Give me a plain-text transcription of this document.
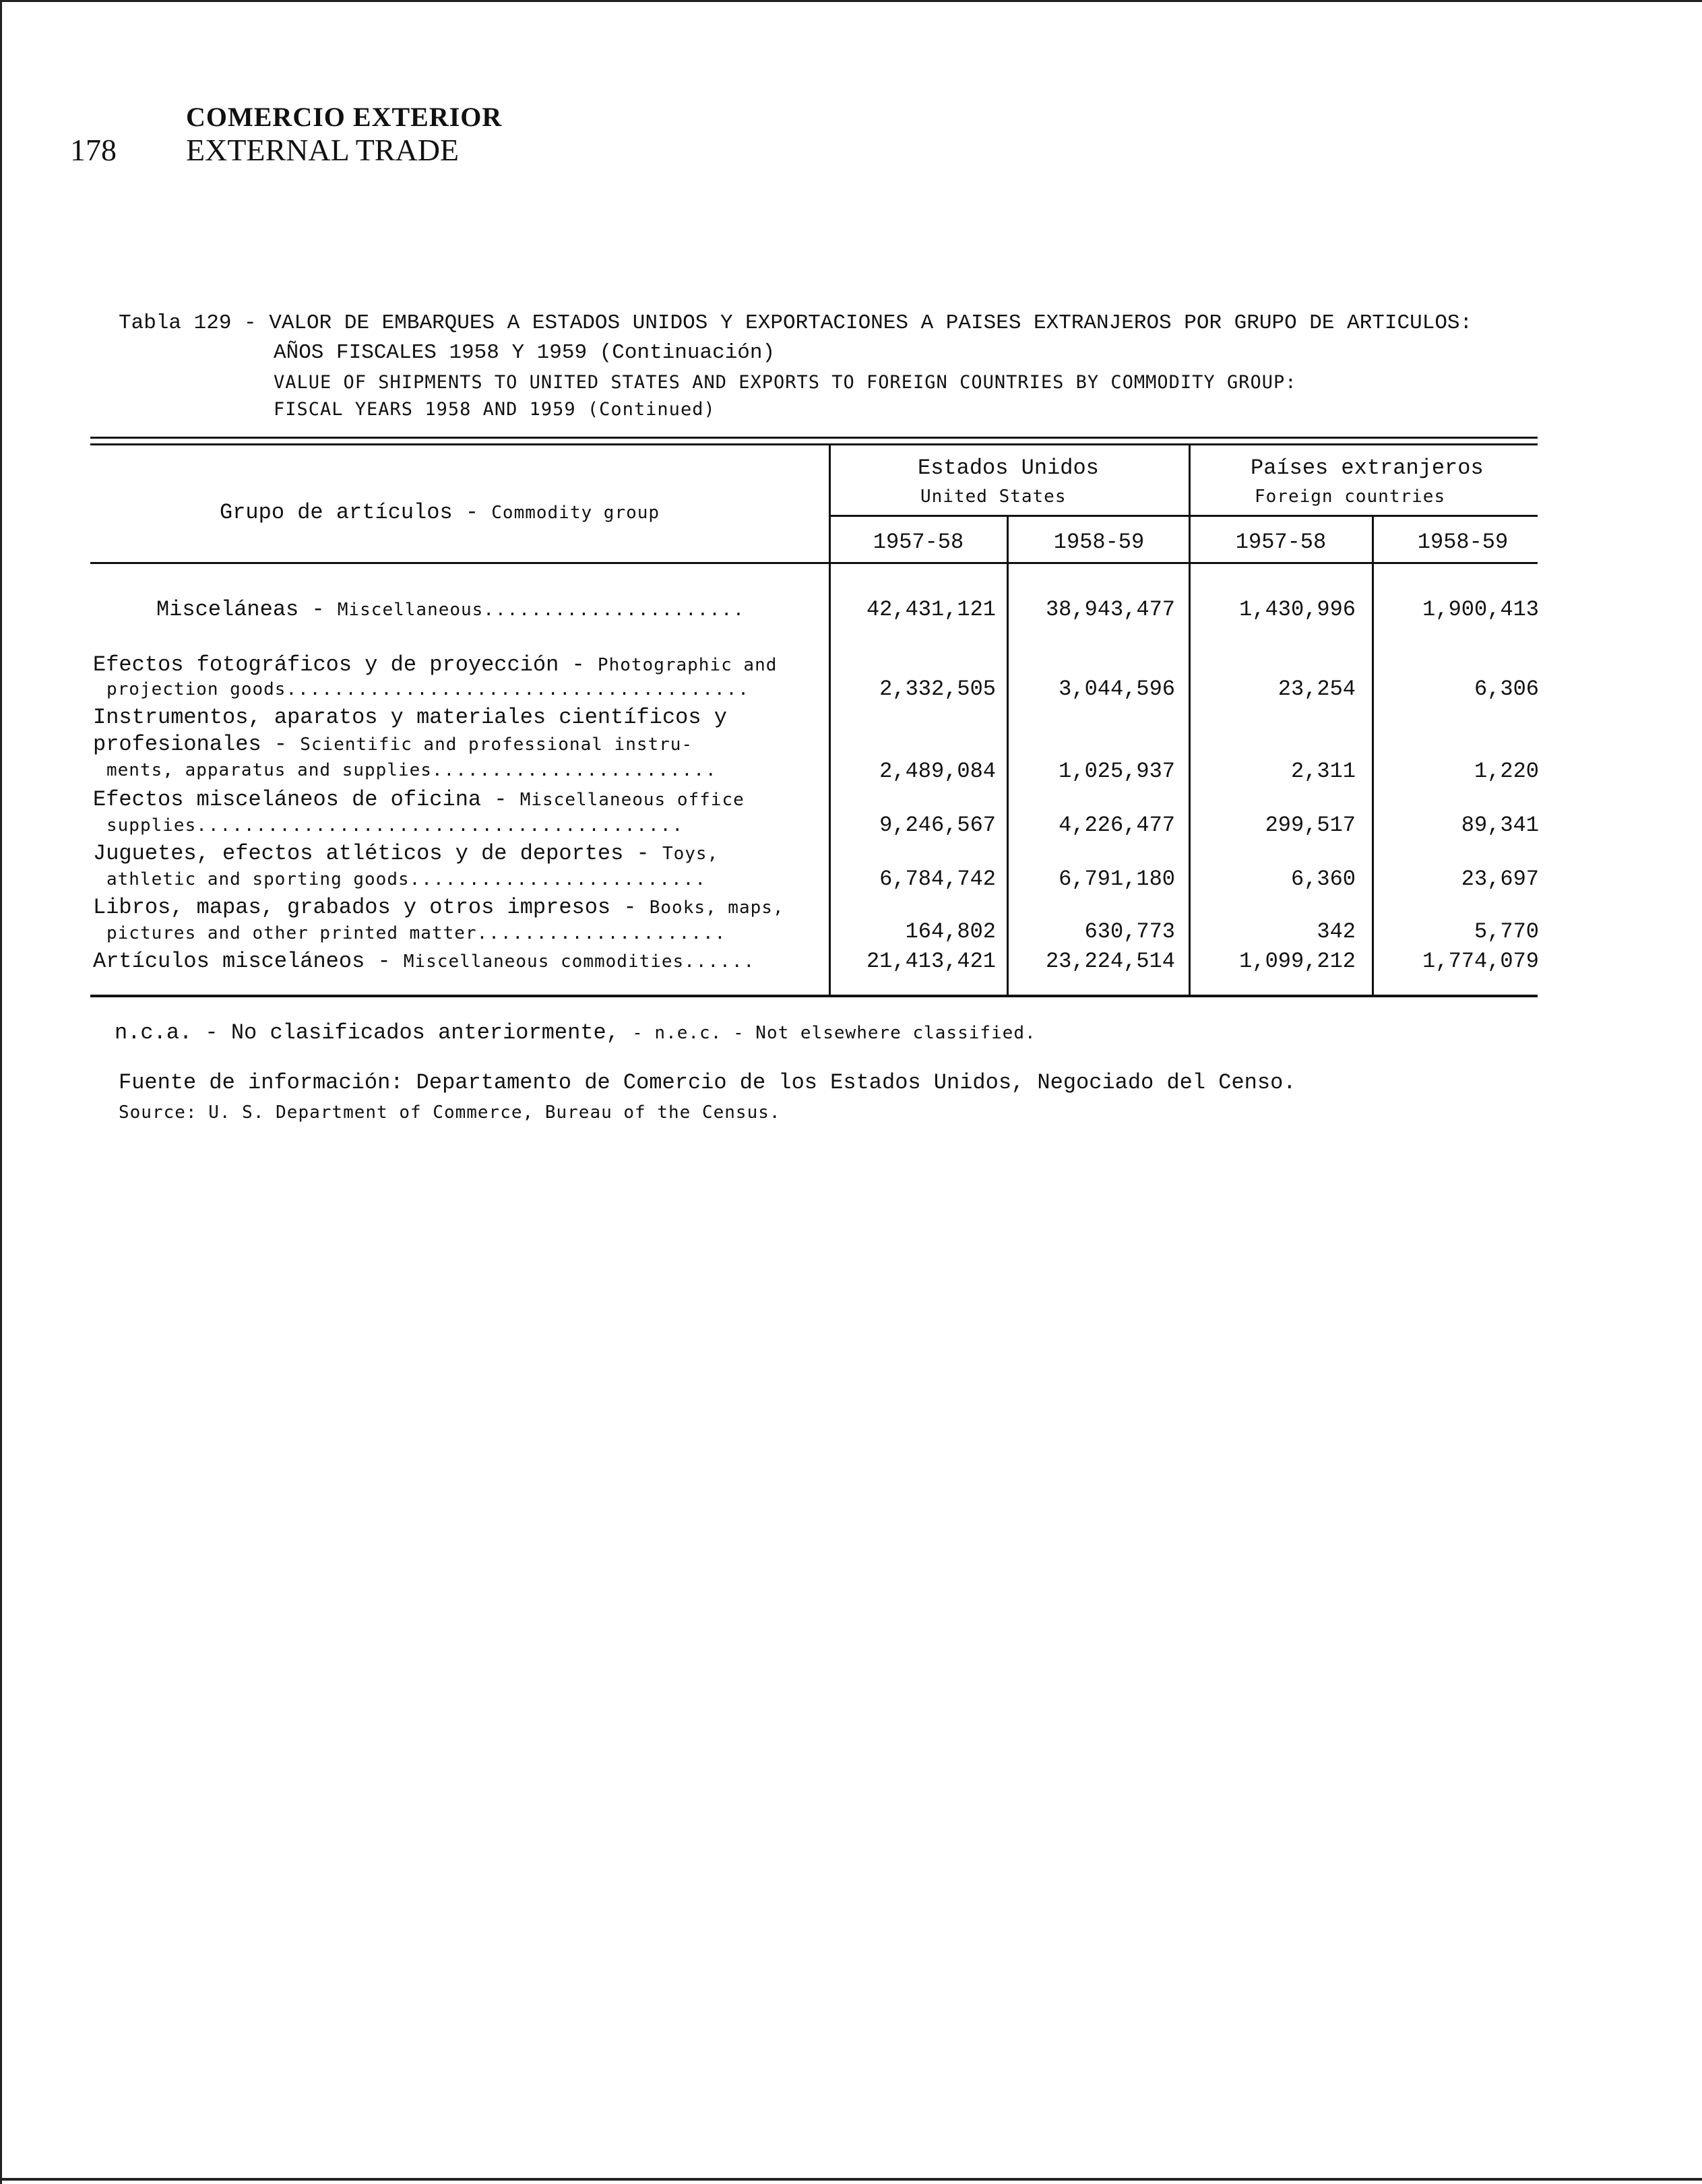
COMERCIO EXTERIOR
178 EXTERNAL TRADE
Tabla 129 - VALOR DE EMBARQUES A ESTADOS UNIDOS Y EXPORTACIONES A PAISES EXTRANJEROS POR GRUPO DE ARTICULOS:
AÑOS FISCALES 1958 Y 1959 (Continuación)
VALUE OF SHIPMENTS TO UNITED STATES AND EXPORTS TO FOREIGN COUNTRIES BY COMMODITY GROUP:
FISCAL YEARS 1958 AND 1959 (Continued)
Grupo de artículos - Commodity group
Estados Unidos
United States
Países extranjeros
Foreign countries
1957-58	1958-59	1957-58	1958-59
Misceláneas - Miscellaneous......................	42,431,121	38,943,477	1,430,996	1,900,413
Efectos fotográficos y de proyección - Photographic and
projection goods.......................................	2,332,505	3,044,596	23,254	6,306
Instrumentos, aparatos y materiales científicos y
profesionales - Scientific and professional instru-
ments, apparatus and supplies........................	2,489,084	1,025,937	2,311	1,220
Efectos misceláneos de oficina - Miscellaneous office
supplies.........................................	9,246,567	4,226,477	299,517	89,341
Juguetes, efectos atléticos y de deportes - Toys,
athletic and sporting goods.........................	6,784,742	6,791,180	6,360	23,697
Libros, mapas, grabados y otros impresos - Books, maps,
pictures and other printed matter.....................	164,802	630,773	342	5,770
Artículos misceláneos - Miscellaneous commodities......	21,413,421	23,224,514	1,099,212	1,774,079
n.c.a. - No clasificados anteriormente, - n.e.c. - Not elsewhere classified.
Fuente de información: Departamento de Comercio de los Estados Unidos, Negociado del Censo.
Source: U. S. Department of Commerce, Bureau of the Census.
